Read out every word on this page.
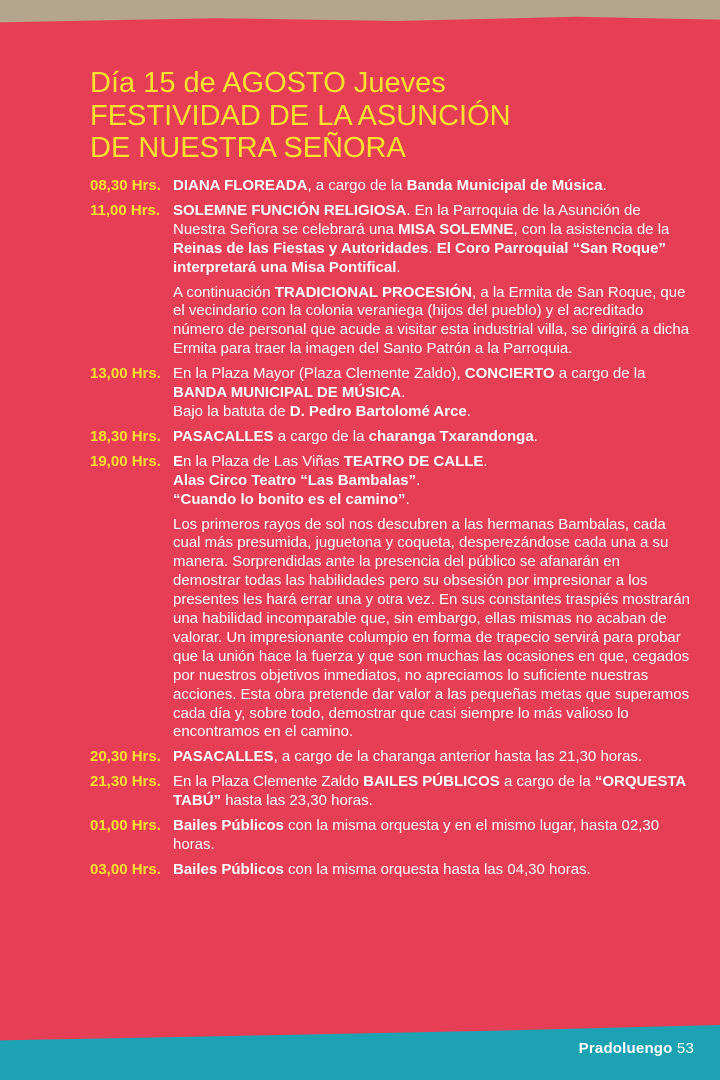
Día 15 de AGOSTO Jueves
FESTIVIDAD DE LA ASUNCIÓN
DE NUESTRA SEÑORA
08,30 Hrs. DIANA FLOREADA, a cargo de la Banda Municipal de Música.

11,00 Hrs. SOLEMNE FUNCIÓN RELIGIOSA. En la Parroquia de la Asunción de Nuestra Señora se celebrará una MISA SOLEMNE, con la asistencia de la Reinas de las Fiestas y Autoridades. El Coro Parroquial “San Roque” interpretará una Misa Pontifical.

A continuación TRADICIONAL PROCESIÓN, a la Ermita de San Roque, que el vecindario con la colonia veraniega (hijos del pueblo) y el acreditado número de personal que acude a visitar esta industrial villa, se dirigirá a dicha Ermita para traer la imagen del Santo Patrón a la Parroquia.

13,00 Hrs. En la Plaza Mayor (Plaza Clemente Zaldo), CONCIERTO a cargo de la BANDA MUNICIPAL DE MÚSICA.
Bajo la batuta de D. Pedro Bartolomé Arce.

18,30 Hrs. PASACALLES a cargo de la charanga Txarandonga.

19,00 Hrs. En la Plaza de Las Viñas TEATRO DE CALLE.
Alas Circo Teatro “Las Bambalas”.
“Cuando lo bonito es el camino”.

Los primeros rayos de sol nos descubren a las hermanas Bambalas, cada cual más presumida, juguetona y coqueta, desperezándose cada una a su manera. Sorprendidas ante la presencia del público se afanarán en demostrar todas las habilidades pero su obsesión por impresionar a los presentes les hará errar una y otra vez. En sus constantes traspiés mostrarán una habilidad incomparable que, sin embargo, ellas mismas no acaban de valorar. Un impresionante columpio en forma de trapecio servirá para probar que la unión hace la fuerza y que son muchas las ocasiones en que, cegados por nuestros objetivos inmediatos, no apreciamos lo suficiente nuestras acciones. Esta obra pretende dar valor a las pequeñas metas que superamos cada día y, sobre todo, demostrar que casi siempre lo más valioso lo encontramos en el camino.

20,30 Hrs. PASACALLES, a cargo de la charanga anterior hasta las 21,30 horas.

21,30 Hrs. En la Plaza Clemente Zaldo BAILES PÚBLICOS a cargo de la “ORQUESTA TABÚ” hasta las 23,30 horas.

01,00 Hrs. Bailes Públicos con la misma orquesta y en el mismo lugar, hasta 02,30 horas.

03,00 Hrs. Bailes Públicos con la misma orquesta hasta las 04,30 horas.

Pradoluengo 53
